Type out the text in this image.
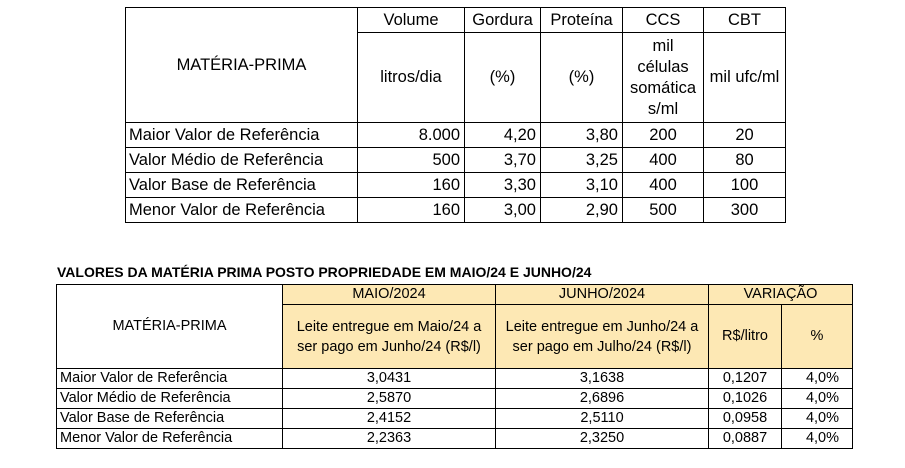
MATÉRIA-PRIMA	Volume	Gordura	Proteína	CCS	CBT
	litros/dia	(%)	(%)	mil células somática s/ml	mil ufc/ml
Maior Valor de Referência	8.000	4,20	3,80	200	20
Valor Médio de Referência	500	3,70	3,25	400	80
Valor Base de Referência	160	3,30	3,10	400	100
Menor Valor de Referência	160	3,00	2,90	500	300
VALORES DA MATÉRIA PRIMA POSTO PROPRIEDADE EM MAIO/24 E JUNHO/24
MATÉRIA-PRIMA	MAIO/2024	JUNHO/2024	VARIAÇÃO	
	Leite entregue em Maio/24 a ser pago em Junho/24 (R$/l)	Leite entregue em Junho/24 a ser pago em Julho/24 (R$/l)	R$/litro	%
Maior Valor de Referência	3,0431	3,1638	0,1207	4,0%
Valor Médio de Referência	2,5870	2,6896	0,1026	4,0%
Valor Base de Referência	2,4152	2,5110	0,0958	4,0%
Menor Valor de Referência	2,2363	2,3250	0,0887	4,0%
